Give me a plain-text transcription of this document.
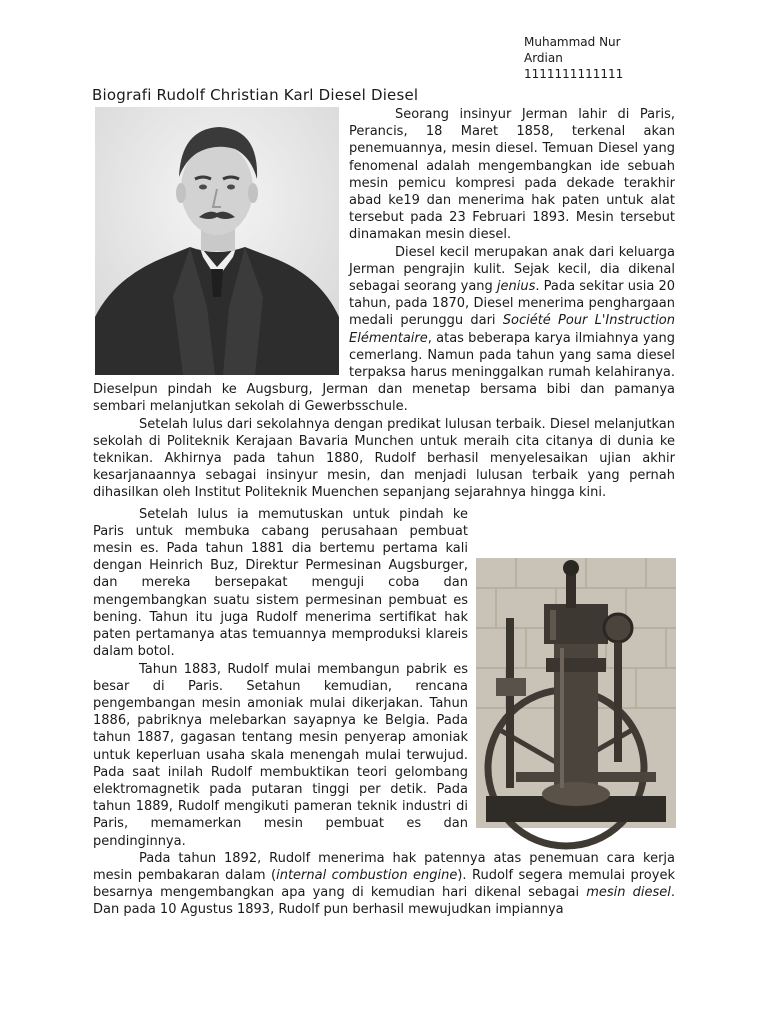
Muhammad Nur
Ardian
1111111111111
Biografi Rudolf Christian Karl Diesel Diesel

Seorang insinyur Jerman lahir di Paris, Perancis, 18 Maret 1858, terkenal akan penemuannya, mesin diesel. Temuan Diesel yang fenomenal adalah mengembangkan ide sebuah mesin pemicu kompresi pada dekade terakhir abad ke19 dan menerima hak paten untuk alat tersebut pada 23 Februari 1893. Mesin tersebut dinamakan mesin diesel.

Diesel kecil merupakan anak dari keluarga Jerman pengrajin kulit. Sejak kecil, dia dikenal sebagai seorang yang jenius. Pada sekitar usia 20 tahun, pada 1870, Diesel menerima penghargaan medali perunggu dari Société Pour L'Instruction Elémentaire, atas beberapa karya ilmiahnya yang cemerlang. Namun pada tahun yang sama diesel terpaksa harus meninggalkan rumah kelahiranya. Dieselpun pindah ke Augsburg, Jerman dan menetap bersama bibi dan pamanya sembari melanjutkan sekolah di Gewerbsschule.

Setelah lulus dari sekolahnya dengan predikat lulusan terbaik. Diesel melanjutkan sekolah di Politeknik Kerajaan Bavaria Munchen untuk meraih cita citanya di dunia ke teknikan. Akhirnya pada tahun 1880, Rudolf berhasil menyelesaikan ujian akhir kesarjanaannya sebagai insinyur mesin, dan menjadi lulusan terbaik yang pernah dihasilkan oleh Institut Politeknik Muenchen sepanjang sejarahnya hingga kini.

Setelah lulus ia memutuskan untuk pindah ke Paris untuk membuka cabang perusahaan pembuat mesin es. Pada tahun 1881 dia bertemu pertama kali dengan Heinrich Buz, Direktur Permesinan Augsburger, dan mereka bersepakat menguji coba dan mengembangkan suatu sistem permesinan pembuat es bening. Tahun itu juga Rudolf menerima sertifikat hak paten pertamanya atas temuannya memproduksi klareis dalam botol.

Tahun 1883, Rudolf mulai membangun pabrik es besar di Paris. Setahun kemudian, rencana pengembangan mesin amoniak mulai dikerjakan. Tahun 1886, pabriknya melebarkan sayapnya ke Belgia. Pada tahun 1887, gagasan tentang mesin penyerap amoniak untuk keperluan usaha skala menengah mulai terwujud. Pada saat inilah Rudolf membuktikan teori gelombang elektromagnetik pada putaran tinggi per detik. Pada tahun 1889, Rudolf mengikuti pameran teknik industri di Paris, memamerkan mesin pembuat es dan pendinginnya.

Pada tahun 1892, Rudolf menerima hak patennya atas penemuan cara kerja mesin pembakaran dalam (internal combustion engine). Rudolf segera memulai proyek besarnya mengembangkan apa yang di kemudian hari dikenal sebagai mesin diesel. Dan pada 10 Agustus 1893, Rudolf pun berhasil mewujudkan impiannya
